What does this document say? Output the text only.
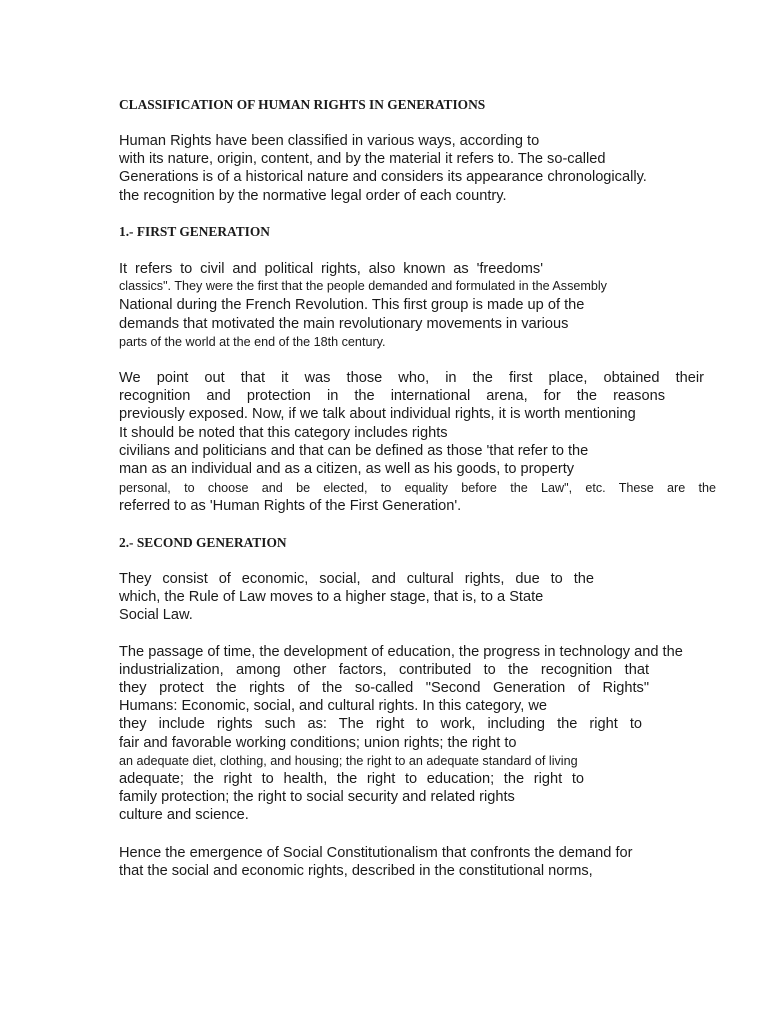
CLASSIFICATION OF HUMAN RIGHTS IN GENERATIONS
Human Rights have been classified in various ways, according to
with its nature, origin, content, and by the material it refers to. The so-called
Generations is of a historical nature and considers its appearance chronologically.
the recognition by the normative legal order of each country.
1.- FIRST GENERATION
It refers to civil and political rights, also known as 'freedoms'
classics". They were the first that the people demanded and formulated in the Assembly
National during the French Revolution. This first group is made up of the
demands that motivated the main revolutionary movements in various
parts of the world at the end of the 18th century.
We point out that it was those who, in the first place, obtained their
recognition and protection in the international arena, for the reasons
previously exposed. Now, if we talk about individual rights, it is worth mentioning
It should be noted that this category includes rights
civilians and politicians and that can be defined as those 'that refer to the
man as an individual and as a citizen, as well as his goods, to property
personal, to choose and be elected, to equality before the Law", etc. These are the
referred to as 'Human Rights of the First Generation'.
2.- SECOND GENERATION
They consist of economic, social, and cultural rights, due to the
which, the Rule of Law moves to a higher stage, that is, to a State
Social Law.
The passage of time, the development of education, the progress in technology and the
industrialization, among other factors, contributed to the recognition that
they protect the rights of the so-called "Second Generation of Rights"
Humans: Economic, social, and cultural rights. In this category, we
they include rights such as: The right to work, including the right to
fair and favorable working conditions; union rights; the right to
an adequate diet, clothing, and housing; the right to an adequate standard of living
adequate; the right to health, the right to education; the right to
family protection; the right to social security and related rights
culture and science.
Hence the emergence of Social Constitutionalism that confronts the demand for
that the social and economic rights, described in the constitutional norms,
